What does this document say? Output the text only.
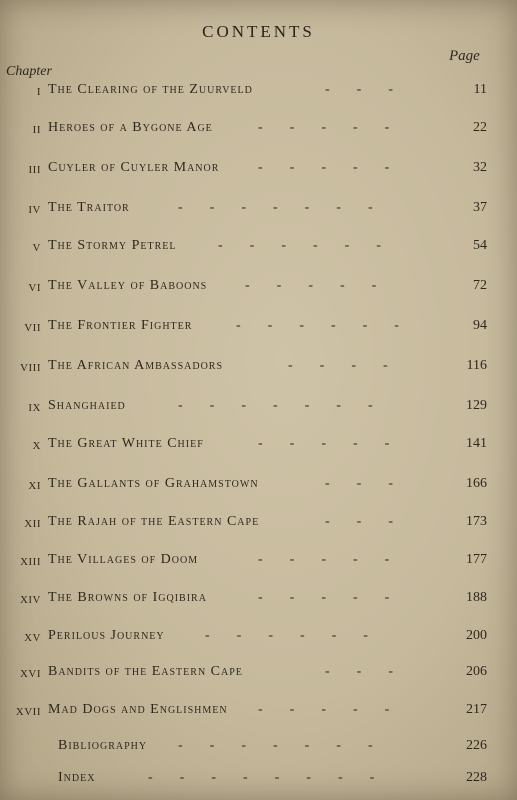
CONTENTS
Page
Chapter
I The Clearing of the Zuurveld	---	11
II Heroes of a Bygone Age	-----	22
III Cuyler of Cuyler Manor	-----	32
IV The Traitor	-------	37
V The Stormy Petrel	------	54
VI The Valley of Baboons	-----	72
VII The Frontier Fighter	------	94
VIII The African Ambassadors	----	116
IX Shanghaied	-------	129
X The Great White Chief	-----	141
XI The Gallants of Grahamstown	---	166
XII The Rajah of the Eastern Cape	---	173
XIII The Villages of Doom	-----	177
XIV The Browns of Igqibira	-----	188
XV Perilous Journey	------	200
XVI Bandits of the Eastern Cape	---	206
XVII Mad Dogs and Englishmen -----	217
Bibliography -------	226
Index	--------	228
